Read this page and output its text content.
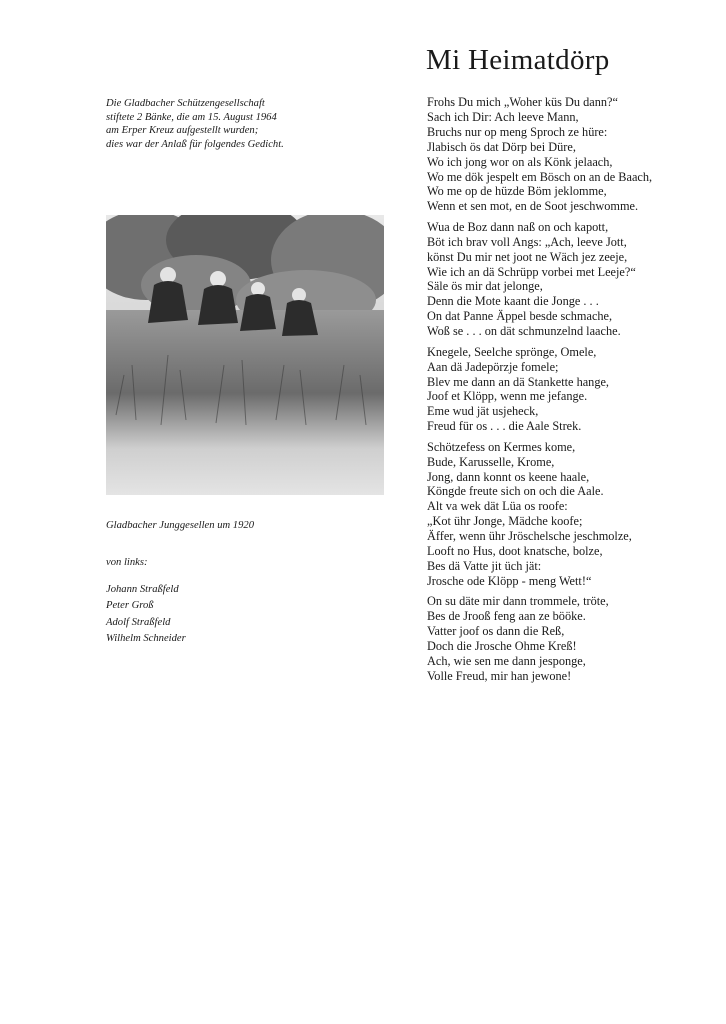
Mi Heimatdörp
Die Gladbacher Schützengesellschaft
stiftete 2 Bänke, die am 15. August 1964
am Erper Kreuz aufgestellt wurden;
dies war der Anlaß für folgendes Gedicht.
Gladbacher Junggesellen um 1920
von links:
Johann Straßfeld
Peter Groß
Adolf Straßfeld
Wilhelm Schneider
Frohs Du mich „Woher küs Du dann?“
Sach ich Dir: Ach leeve Mann,
Bruchs nur op meng Sproch ze hüre:
Jlabisch ös dat Dörp bei Düre,
Wo ich jong wor on als Könk jelaach,
Wo me dök jespelt em Bösch on an de Baach,
Wo me op de hüzde Böm jeklomme,
Wenn et sen mot, en de Soot jeschwomme.
Wua de Boz dann naß on och kapott,
Böt ich brav voll Angs: „Ach, leeve Jott,
könst Du mir net joot ne Wäch jez zeeje,
Wie ich an dä Schrüpp vorbei met Leeje?“
Säle ös mir dat jelonge,
Denn die Mote kaant die Jonge . . .
On dat Panne Äppel besde schmache,
Woß se . . . on dät schmunzelnd laache.
Knegele, Seelche spröngе, Omele,
Aan dä Jadepörzje fomele;
Blev me dann an dä Stankette hange,
Joof et Klöpp, wenn me jefange.
Eme wud jät usjeheck,
Freud für os . . . die Aale Strek.
Schötzefess on Kermes kome,
Bude, Karusselle, Krome,
Jong, dann konnt os keene haale,
Köngde freute sich on och die Aale.
Alt va wek dät Lüa os roofe:
„Kot ühr Jonge, Mädche koofe;
Äffer, wenn ühr Jröschelsche jeschmolze,
Looft no Hus, doot knatsche, bolze,
Bes dä Vatte jit üch jät:
Jrosche ode Klöpp - meng Wett!“
On su däte mir dann trommele, tröte,
Bes de Jrooß feng aan ze bööke.
Vatter joof os dann die Reß,
Doch die Jrosche Ohme Kreß!
Ach, wie sen me dann jesponge,
Volle Freud, mir han jewone!
